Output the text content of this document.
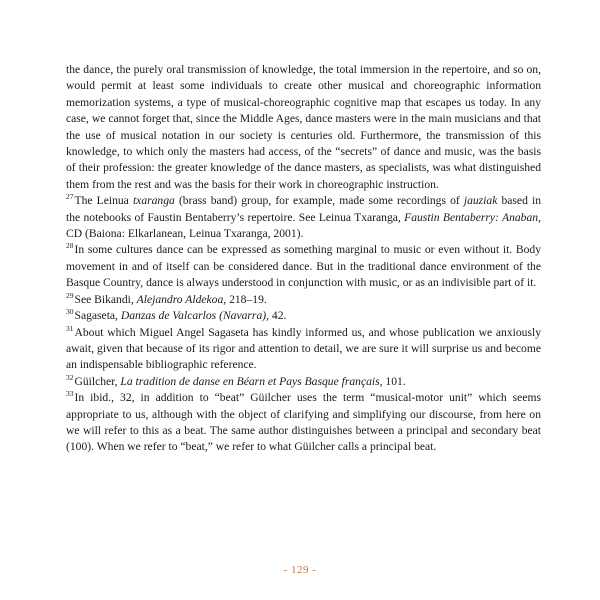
the dance, the purely oral transmission of knowledge, the total immersion in the repertoire, and so on, would permit at least some individuals to create other musical and choreographic information memorization systems, a type of musical-choreographic cognitive map that escapes us today. In any case, we cannot forget that, since the Middle Ages, dance masters were in the main musicians and that the use of musical notation in our society is centuries old. Furthermore, the transmission of this knowledge, to which only the masters had access, of the “secrets” of dance and music, was the basis of their profession: the greater knowledge of the dance masters, as specialists, was what distinguished them from the rest and was the basis for their work in choreographic instruction.

$^{27}$The Leinua txaranga (brass band) group, for example, made some recordings of jauziak based in the notebooks of Faustin Bentaberry’s repertoire. See Leinua Txaranga, Faustin Bentaberry: Anaban, CD (Baiona: Elkarlanean, Leinua Txaranga, 2001).

$^{28}$In some cultures dance can be expressed as something marginal to music or even without it. Body movement in and of itself can be considered dance. But in the traditional dance environment of the Basque Country, dance is always understood in conjunction with music, or as an indivisible part of it.

$^{29}$See Bikandi, Alejandro Aldekoa, 218–19.

$^{30}$Sagaseta, Danzas de Valcarlos (Navarra), 42.

$^{31}$About which Miguel Angel Sagaseta has kindly informed us, and whose publication we anxiously await, given that because of its rigor and attention to detail, we are sure it will surprise us and become an indispensable bibliographic reference.

$^{32}$Güilcher, La tradition de danse en Béarn et Pays Basque français, 101.

$^{33}$In ibid., 32, in addition to “beat” Güilcher uses the term “musical-motor unit” which seems appropriate to us, although with the object of clarifying and simplifying our discourse, from here on we will refer to this as a beat. The same author distinguishes between a principal and secondary beat (100). When we refer to “beat,” we refer to what Güilcher calls a principal beat.

- 129 -
